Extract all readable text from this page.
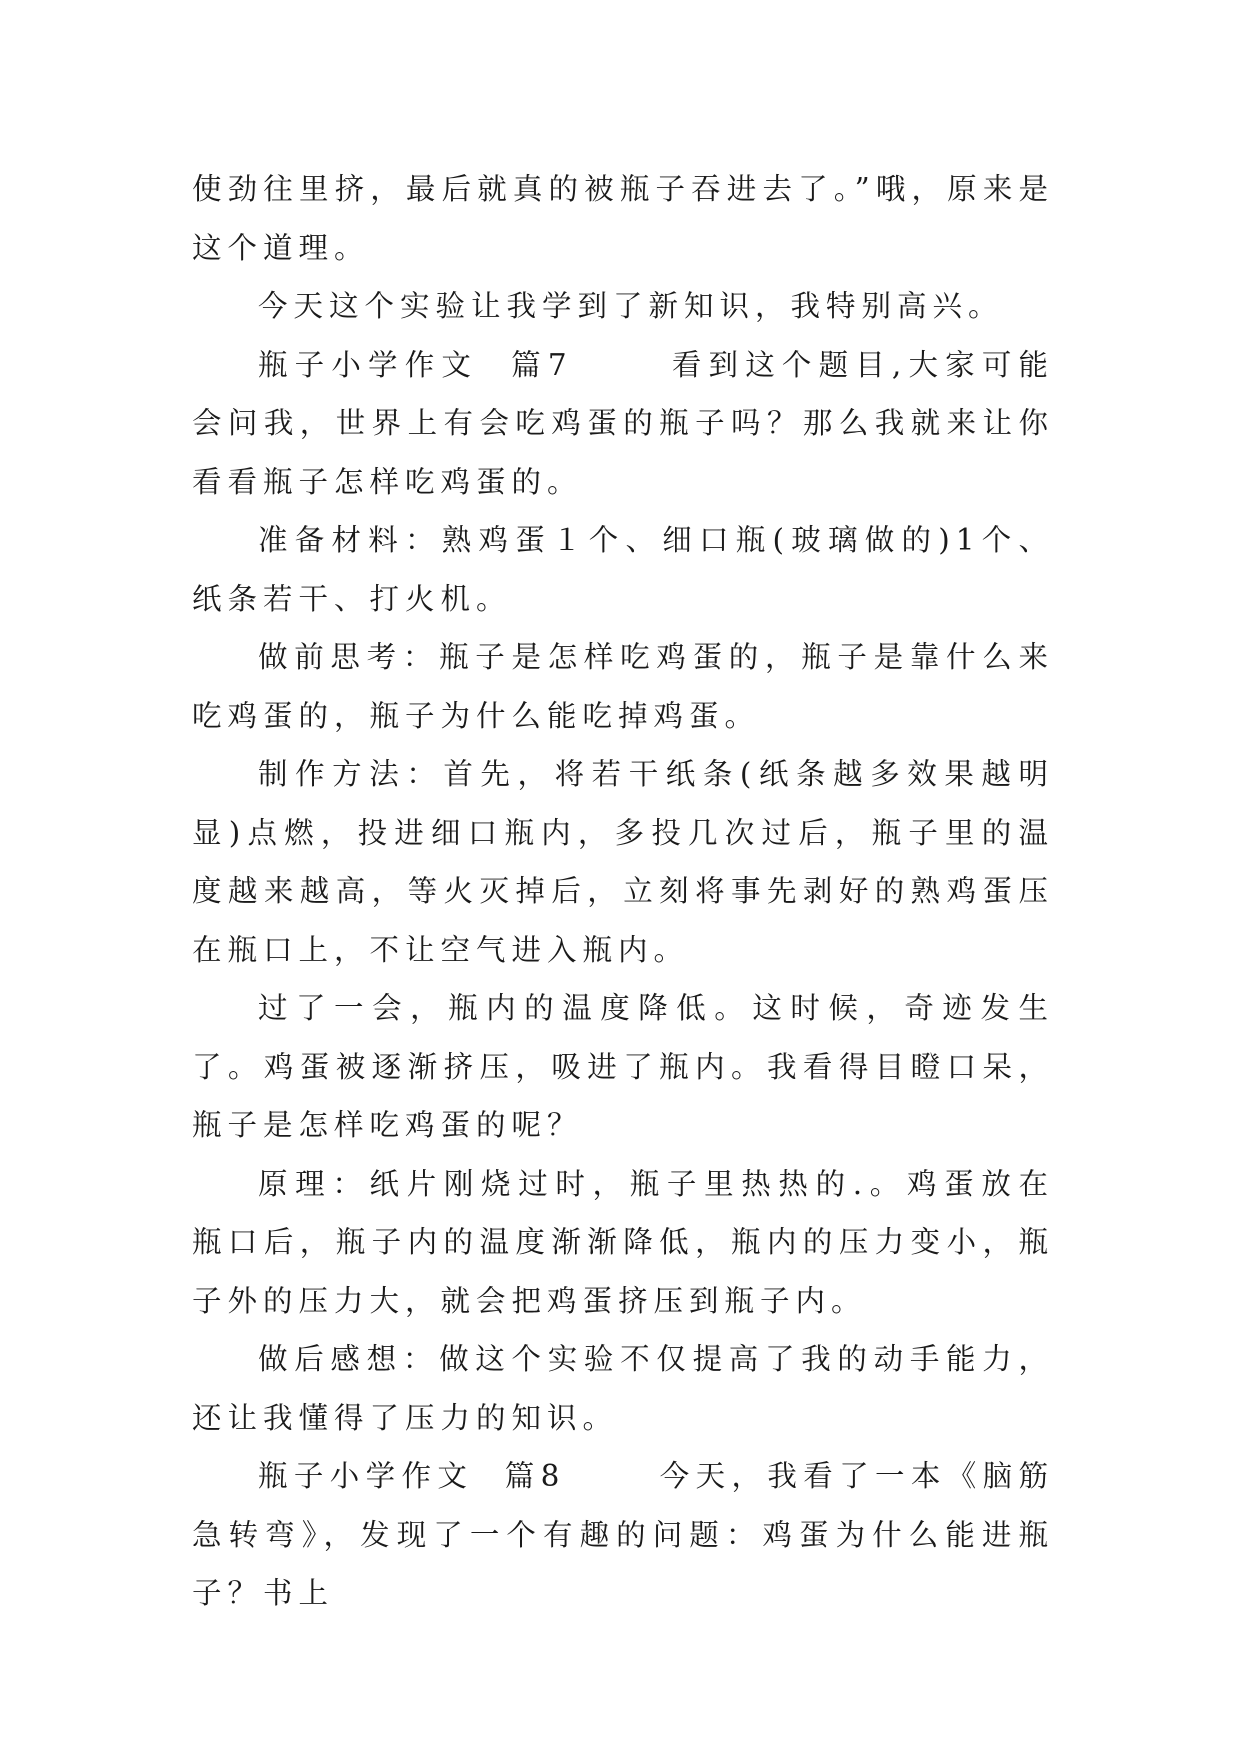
使劲往里挤，最后就真的被瓶子吞进去了。”哦，原来是这个道理。

今天这个实验让我学到了新知识，我特别高兴。

瓶子小学作文  篇7      看到这个题目,大家可能会问我，世界上有会吃鸡蛋的瓶子吗？那么我就来让你看看瓶子怎样吃鸡蛋的。

准备材料：熟鸡蛋１个、细口瓶(玻璃做的)1个、纸条若干、打火机。

做前思考：瓶子是怎样吃鸡蛋的，瓶子是靠什么来吃鸡蛋的，瓶子为什么能吃掉鸡蛋。

制作方法：首先，将若干纸条(纸条越多效果越明显)点燃，投进细口瓶内，多投几次过后，瓶子里的温度越来越高，等火灭掉后，立刻将事先剥好的熟鸡蛋压在瓶口上，不让空气进入瓶内。

过了一会，瓶内的温度降低。这时候，奇迹发生了。鸡蛋被逐渐挤压，吸进了瓶内。我看得目瞪口呆，瓶子是怎样吃鸡蛋的呢？

原理：纸片刚烧过时，瓶子里热热的.。鸡蛋放在瓶口后，瓶子内的温度渐渐降低，瓶内的压力变小，瓶子外的压力大，就会把鸡蛋挤压到瓶子内。

做后感想：做这个实验不仅提高了我的动手能力，还让我懂得了压力的知识。

瓶子小学作文  篇8      今天，我看了一本《脑筋急转弯》，发现了一个有趣的问题：鸡蛋为什么能进瓶子？书上
